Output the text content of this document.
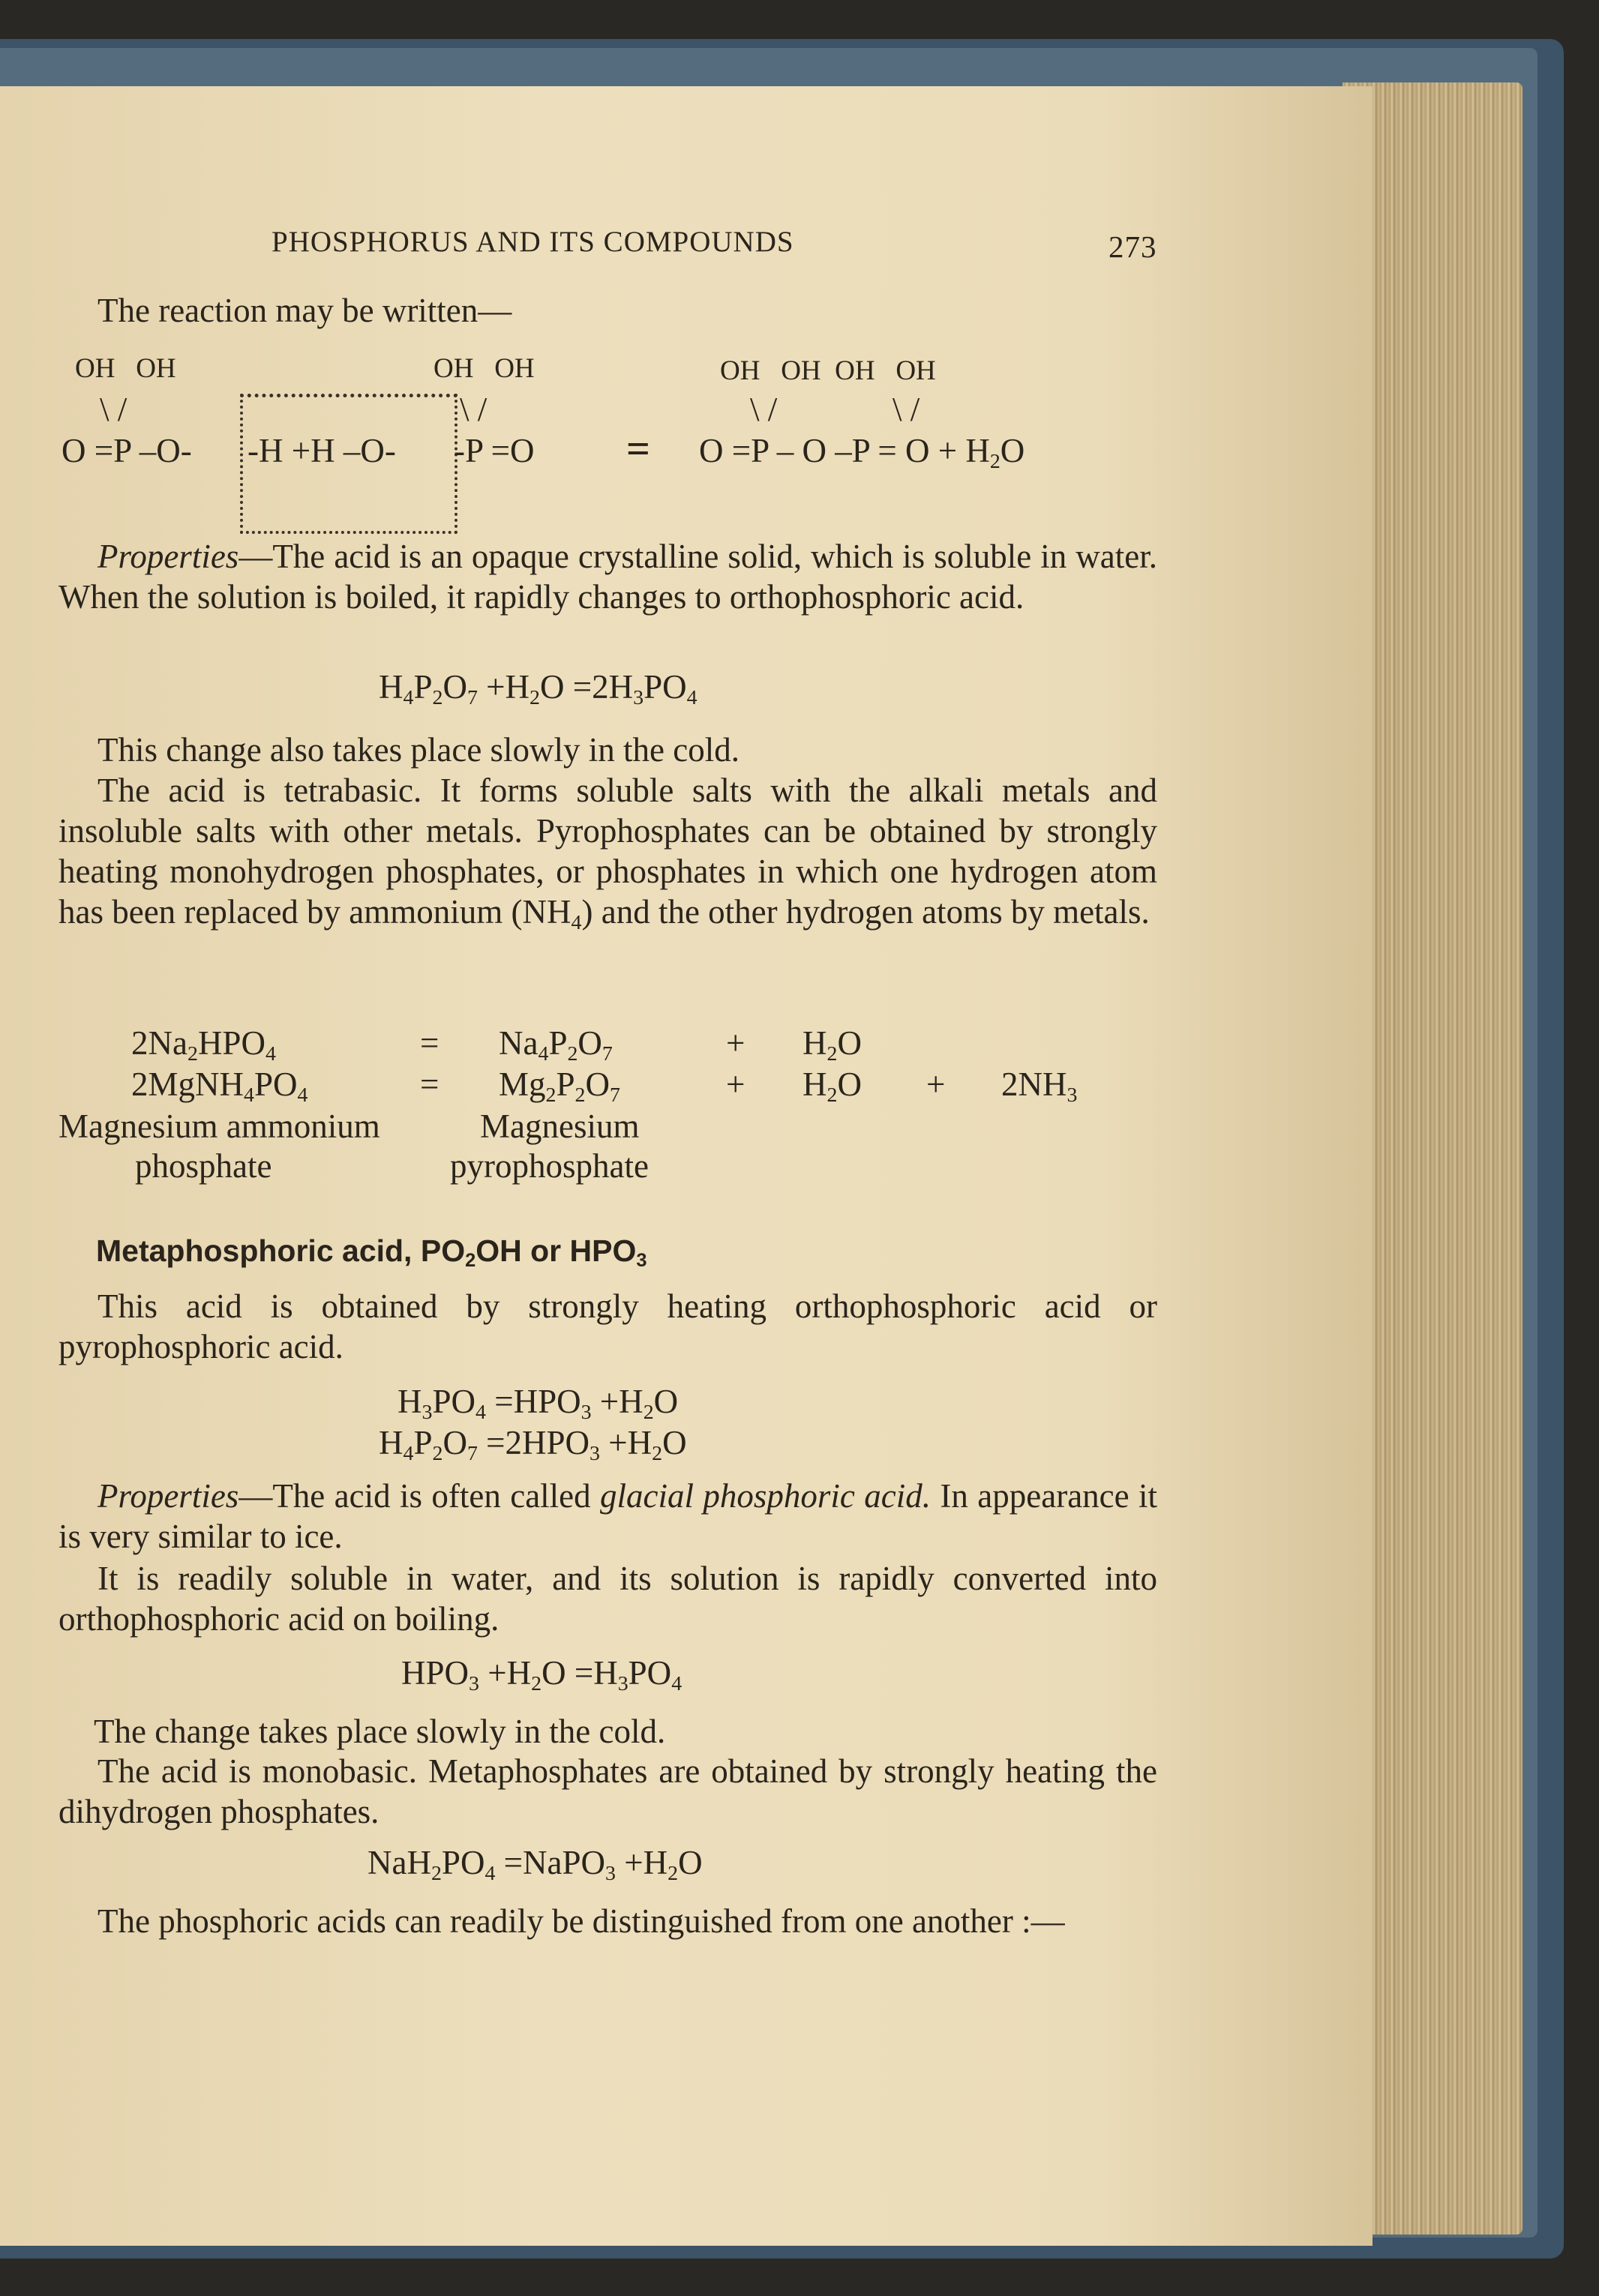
PHOSPHORUS AND ITS COMPOUNDS	273
The reaction may be written—
OH   OH	OH   OH	OH   OH  OH   OH
\ /	\ /	\ /	\ /
O =P –O- -H +H –O- -P =O = O =P – O $-P = O + H_2O$
Properties—The acid is an opaque crystalline solid, which is soluble in water. When the solution is boiled, it rapidly changes to orthophosphoric acid.
$H_4P_2O_7 +H_2O =2H_3PO_4$
This change also takes place slowly in the cold.
The acid is tetrabasic. It forms soluble salts with the alkali metals and insoluble salts with other metals. Pyrophosphates can be obtained by strongly heating monohydrogen phosphates, or phosphates in which one hydrogen atom has been replaced by ammonium $(NH_4)$ and the other hydrogen atoms by metals.
$2Na_2HPO_4$	= $Na_4P_2O_7$	+ $H_2O$
$2MgNH_4PO_4$	= $Mg_2P_2O_7$	+ $H_2O + 2NH_3$
Magnesium ammonium	Magnesium
phosphate	pyrophosphate
Metaphosphoric acid, $PO_2OH$ or $HPO_3$
This acid is obtained by strongly heating orthophosphoric acid or pyrophosphoric acid.
$H_3PO_4 =HPO_3 +H_2O$
$H_4P_2O_7 =2HPO_3 +H_2O$
Properties—The acid is often called glacial phosphoric acid. In appearance it is very similar to ice.
It is readily soluble in water, and its solution is rapidly converted into orthophosphoric acid on boiling.
$HPO_3 +H_2O =H_3PO_4$
The change takes place slowly in the cold.
The acid is monobasic. Metaphosphates are obtained by strongly heating the dihydrogen phosphates.
$NaH_2PO_4$ =NaPO$_3$ $+H_2O$
The phosphoric acids can readily be distinguished from one another :—
